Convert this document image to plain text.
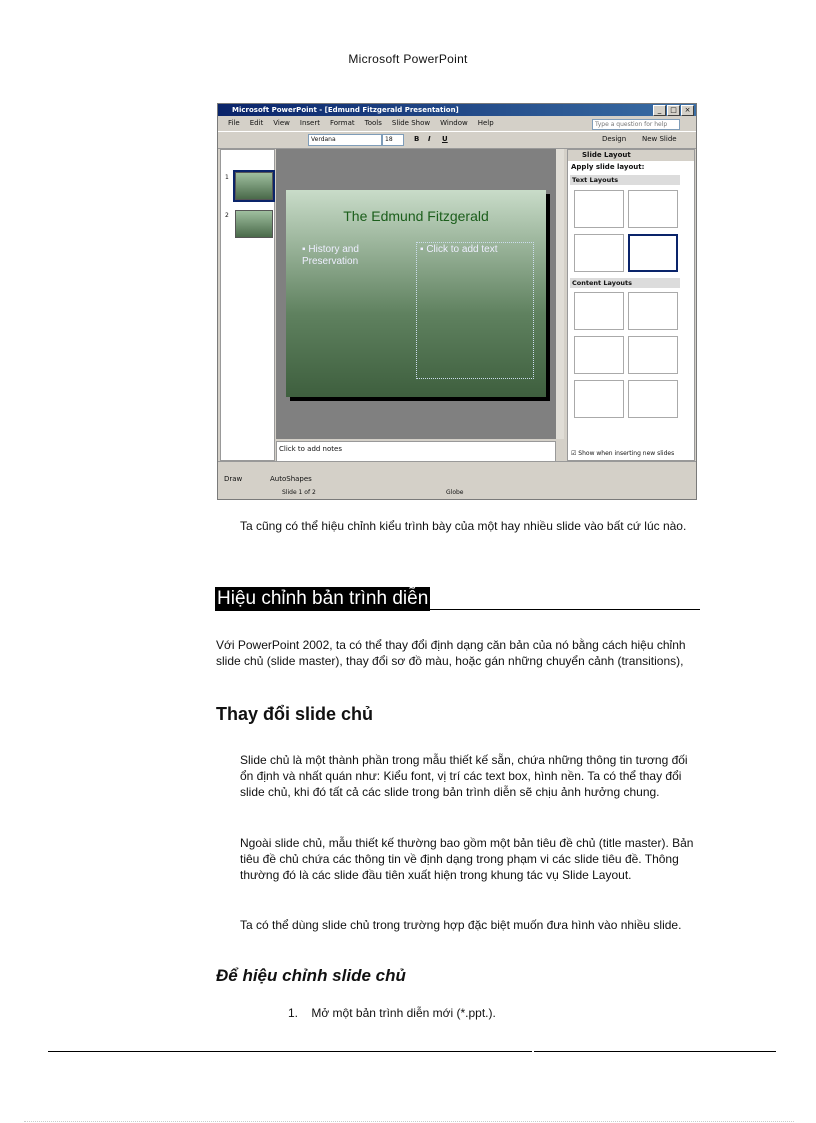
Microsoft PowerPoint
Microsoft PowerPoint - [Edmund Fitzgerald Presentation]	_ □ ×
File Edit View Insert Format Tools Slide Show Window Help	Type a question for help
Verdana	18	B I U	Design New Slide
1
2	The Edmund Fitzgerald
▪ History and Preservation
▪ Click to add text
Click to add notes
Slide Layout
Apply slide layout:
Text Layouts
Content Layouts
☑ Show when inserting new slides
Draw	AutoShapes
Slide 1 of 2	Globe
Ta cũng có thể hiệu chỉnh kiểu trình bày của một hay nhiều slide vào bất cứ lúc nào.
Hiệu chỉnh bản trình diễn
Với PowerPoint 2002, ta có thể thay đổi định dạng căn bản của nó bằng cách hiệu chỉnh slide chủ (slide master), thay đổi sơ đồ màu, hoặc gán những chuyển cảnh (transitions),
Thay đổi slide chủ
Slide chủ là một thành phần trong mẫu thiết kế sẵn, chứa những thông tin tương đối ổn định và nhất quán như: Kiểu font, vị trí các text box, hình nền. Ta có thể thay đổi slide chủ, khi đó tất cả các slide trong bản trình diễn sẽ chịu ảnh hưởng chung.
Ngoài slide chủ, mẫu thiết kế thường bao gồm một bản tiêu đề chủ (title master). Bản tiêu đề chủ chứa các thông tin về định dạng trong phạm vi các slide tiêu đề. Thông thường đó là các slide đầu tiên xuất hiện trong khung tác vụ Slide Layout.
Ta có thể dùng slide chủ trong trường hợp đặc biệt muốn đưa hình vào nhiều slide.
Để hiệu chỉnh slide chủ
1. Mở một bản trình diễn mới (*.ppt.).
